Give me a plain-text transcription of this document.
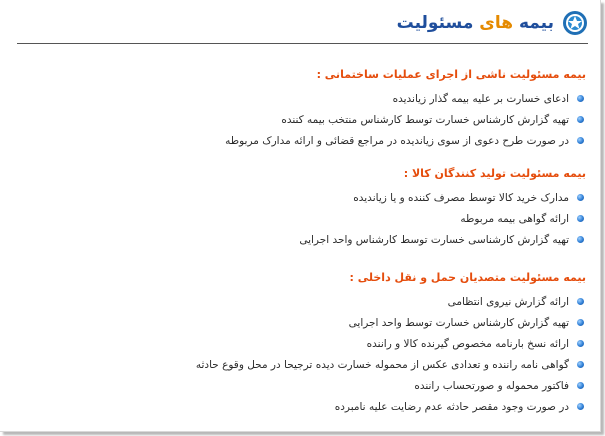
بیمه های مسئولیت
بیمه مسئولیت ناشی از اجرای عملیات ساختمانی :
ادعای خسارت بر علیه بیمه گذار زیاندیده
تهیه گزارش کارشناس خسارت توسط کارشناس منتخب بیمه کننده
در صورت طرح دعوی از سوی زیاندیده در مراجع قضائی و ارائه مدارک مربوطه
بیمه مسئولیت تولید کنندگان کالا :
مدارک خرید کالا توسط مصرف کننده و یا زیاندیده
ارائه گواهی بیمه مربوطه
تهیه گزارش کارشناسی خسارت توسط کارشناس واحد اجرایی
بیمه مسئولیت متصدیان حمل و نقل داخلی :
ارائه گزارش نیروی انتظامی
تهیه گزارش کارشناس خسارت توسط واحد اجرایی
ارائه نسخ بارنامه مخصوص گیرنده کالا و راننده
گواهی نامه راننده و تعدادی عکس از محموله خسارت دیده ترجیحا در محل وقوع حادثه
فاکتور محموله و صورتحساب راننده
در صورت وجود مقصر حادثه عدم رضایت علیه نامبرده
